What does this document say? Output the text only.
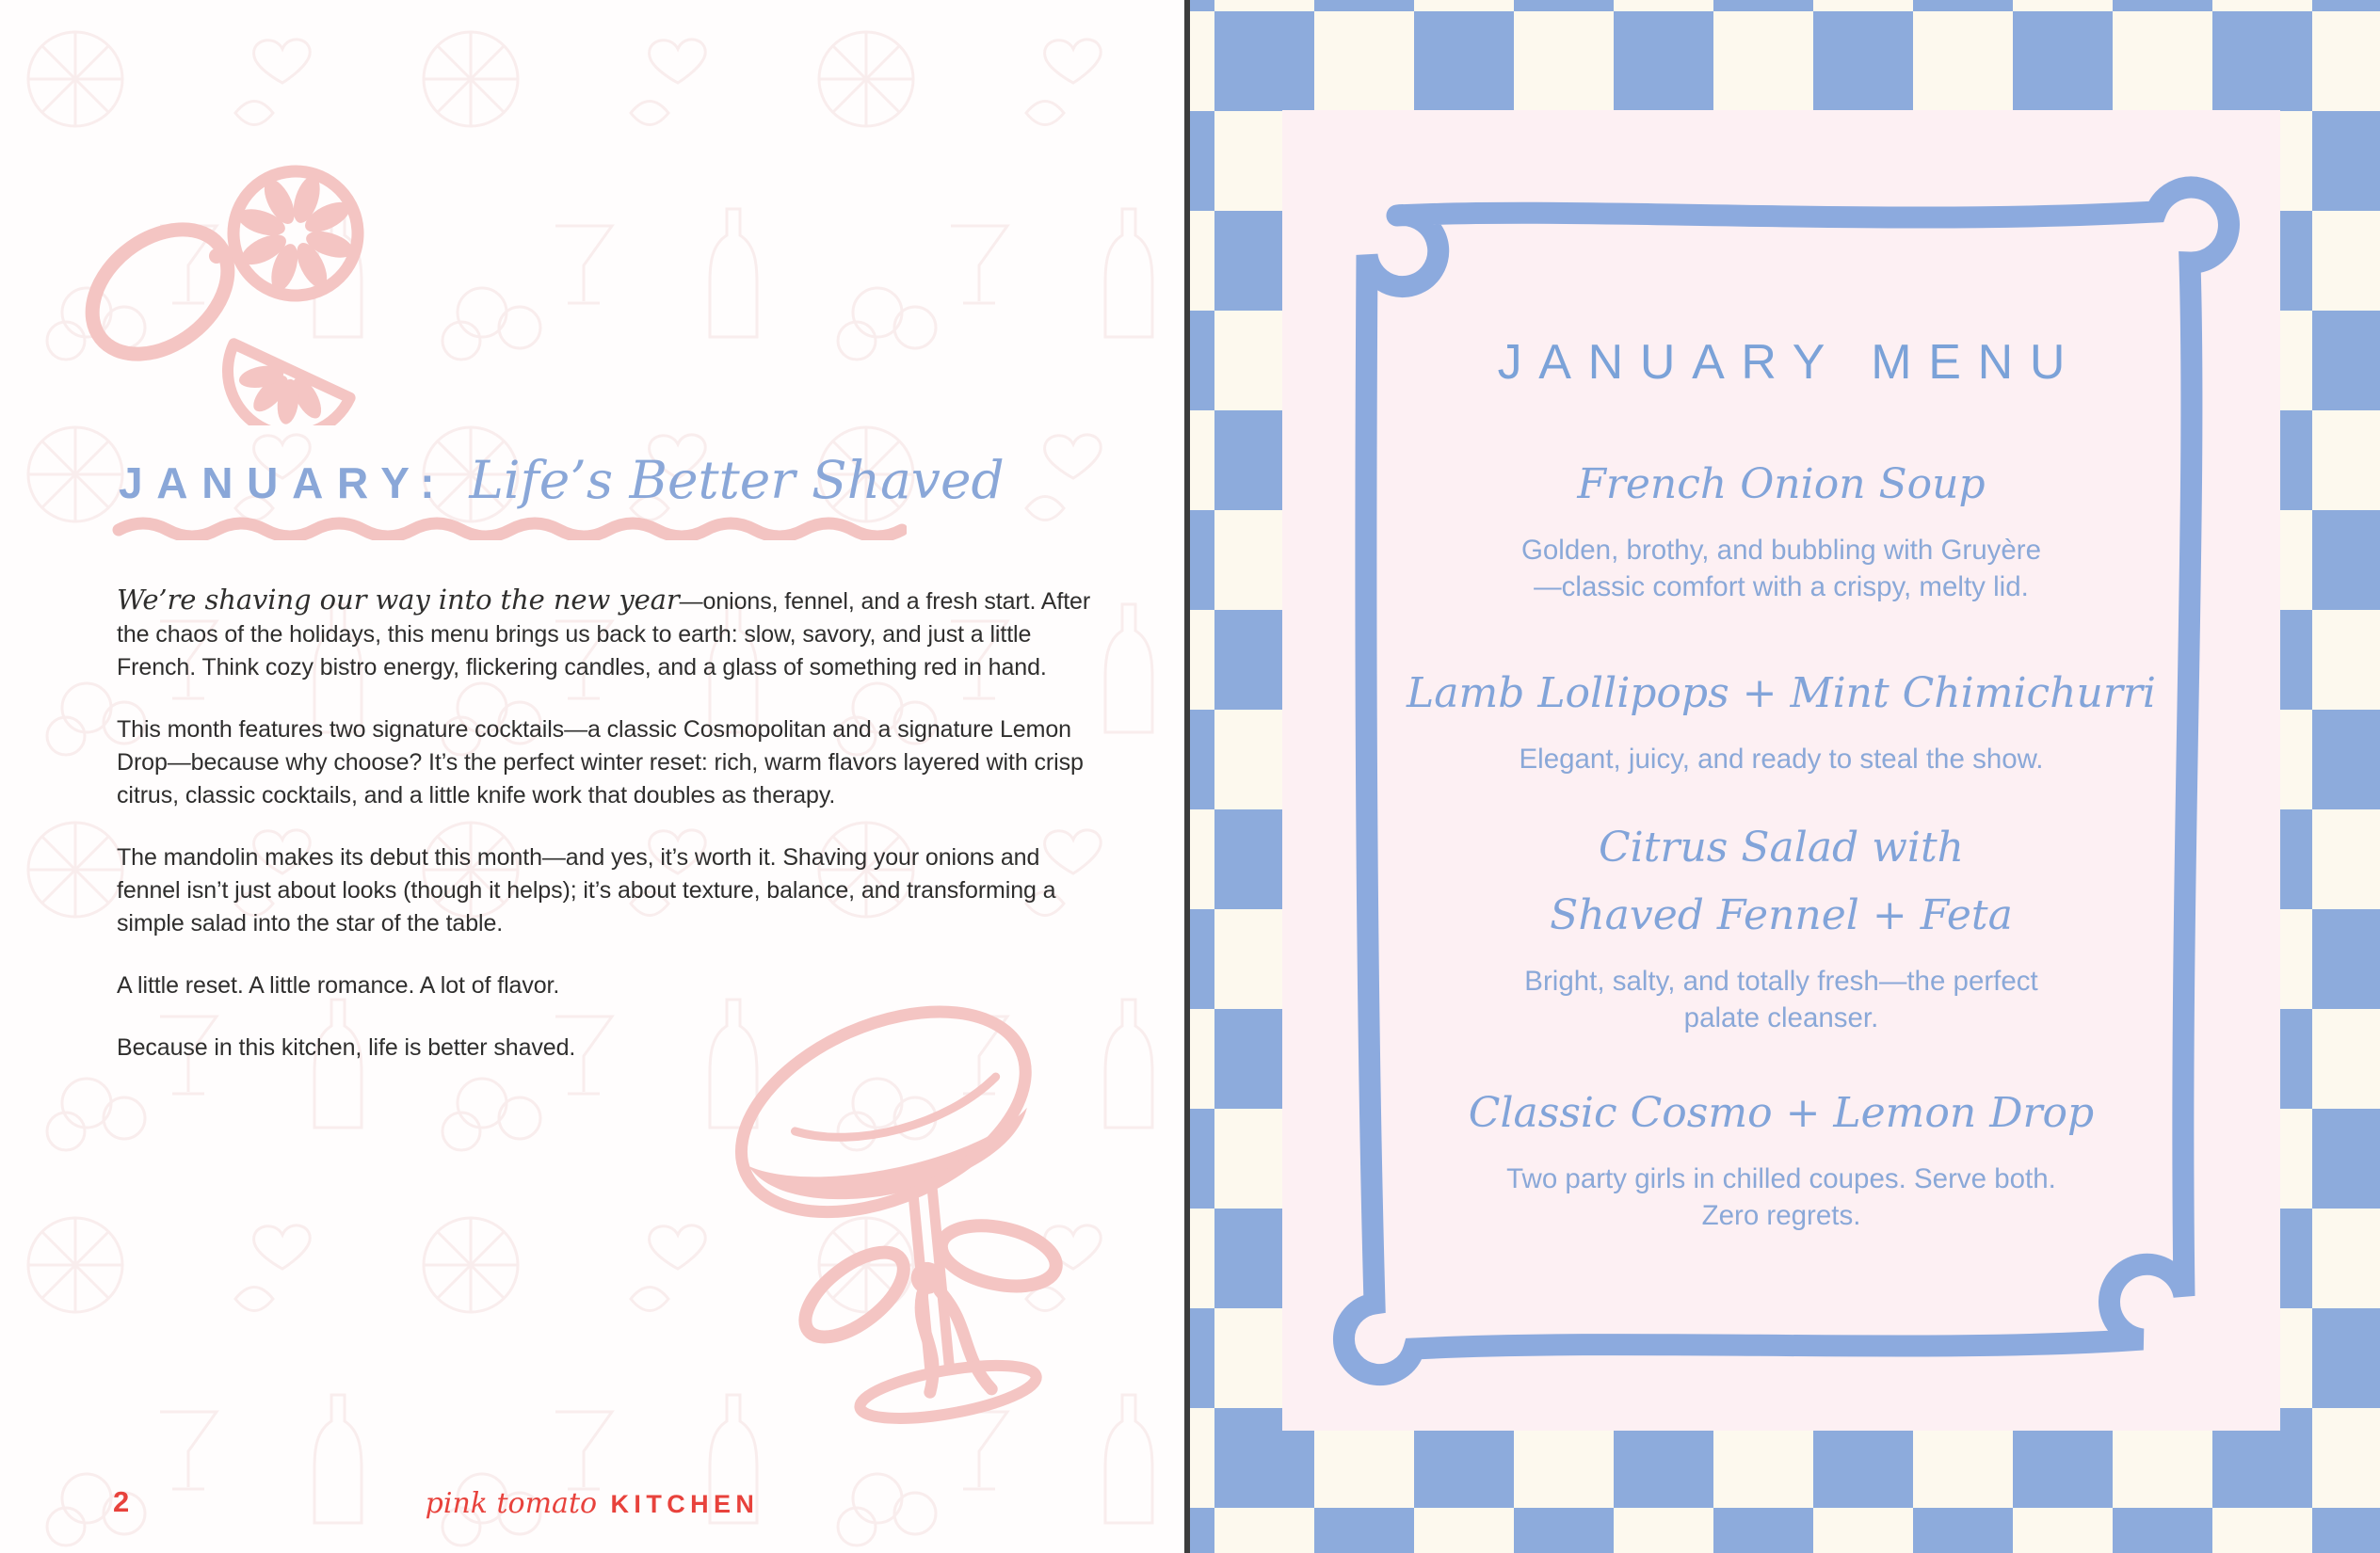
JANUARY: Life’s Better Shaved

We’re shaving our way into the new year—onions, fennel, and a fresh start. After the chaos of the holidays, this menu brings us back to earth: slow, savory, and just a little French. Think cozy bistro energy, flickering candles, and a glass of something red in hand.

This month features two signature cocktails—a classic Cosmopolitan and a signature Lemon Drop—because why choose? It’s the perfect winter reset: rich, warm flavors layered with crisp citrus, classic cocktails, and a little knife work that doubles as therapy.

The mandolin makes its debut this month—and yes, it’s worth it. Shaving your onions and fennel isn’t just about looks (though it helps); it’s about texture, balance, and transforming a simple salad into the star of the table.

A little reset. A little romance. A lot of flavor.

Because in this kitchen, life is better shaved.

2	pink tomato KITCHEN
JANUARY MENU
French Onion Soup
Golden, brothy, and bubbling with Gruyère
—classic comfort with a crispy, melty lid.
Lamb Lollipops + Mint Chimichurri
Elegant, juicy, and ready to steal the show.
Citrus Salad with
Shaved Fennel + Feta
Bright, salty, and totally fresh—the perfect
palate cleanser.
Classic Cosmo + Lemon Drop
Two party girls in chilled coupes. Serve both.
Zero regrets.
